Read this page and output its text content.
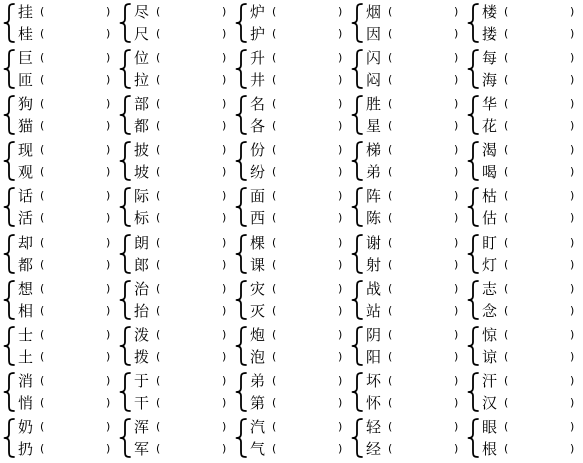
挂 (	)
桂 (	)
尽 (	)
尺 (	)
炉 (	)
护 (	)
烟 (	)
因 (	)
楼 (	)
搂 (	)
巨 (	)
匝 (	)
位 (	)
拉 (	)
升 (	)
井 (	)
闪 (	)
闷 (	)
每 (	)
海 (	)
狗 (	)
猫 (	)
部 (	)
都 (	)
名 (	)
各 (	)
胜 (	)
星 (	)
华 (	)
花 (	)
现 (	)
观 (	)
披 (	)
坡 (	)
份 (	)
纷 (	)
梯 (	)
弟 (	)
渴 (	)
喝 (	)
话 (	)
活 (	)
际 (	)
标 (	)
面 (	)
西 (	)
阵 (	)
陈 (	)
枯 (	)
估 (	)
却 (	)
都 (	)
朗 (	)
郎 (	)
棵 (	)
课 (	)
谢 (	)
射 (	)
盯 (	)
灯 (	)
想 (	)
相 (	)
治 (	)
抬 (	)
灾 (	)
灭 (	)
战 (	)
站 (	)
志 (	)
念 (	)
士 (	)
土 (	)
泼 (	)
拨 (	)
炮 (	)
泡 (	)
阴 (	)
阳 (	)
惊 (	)
谅 (	)
消 (	)
悄 (	)
于 (	)
干 (	)
弟 (	)
第 (	)
坏 (	)
怀 (	)
汗 (	)
汉 (	)
奶 (	)
扔 (	)
浑 (	)
军 (	)
汽 (	)
气 (	)
轻 (	)
经 (	)
眼 (	)
根 (	)
